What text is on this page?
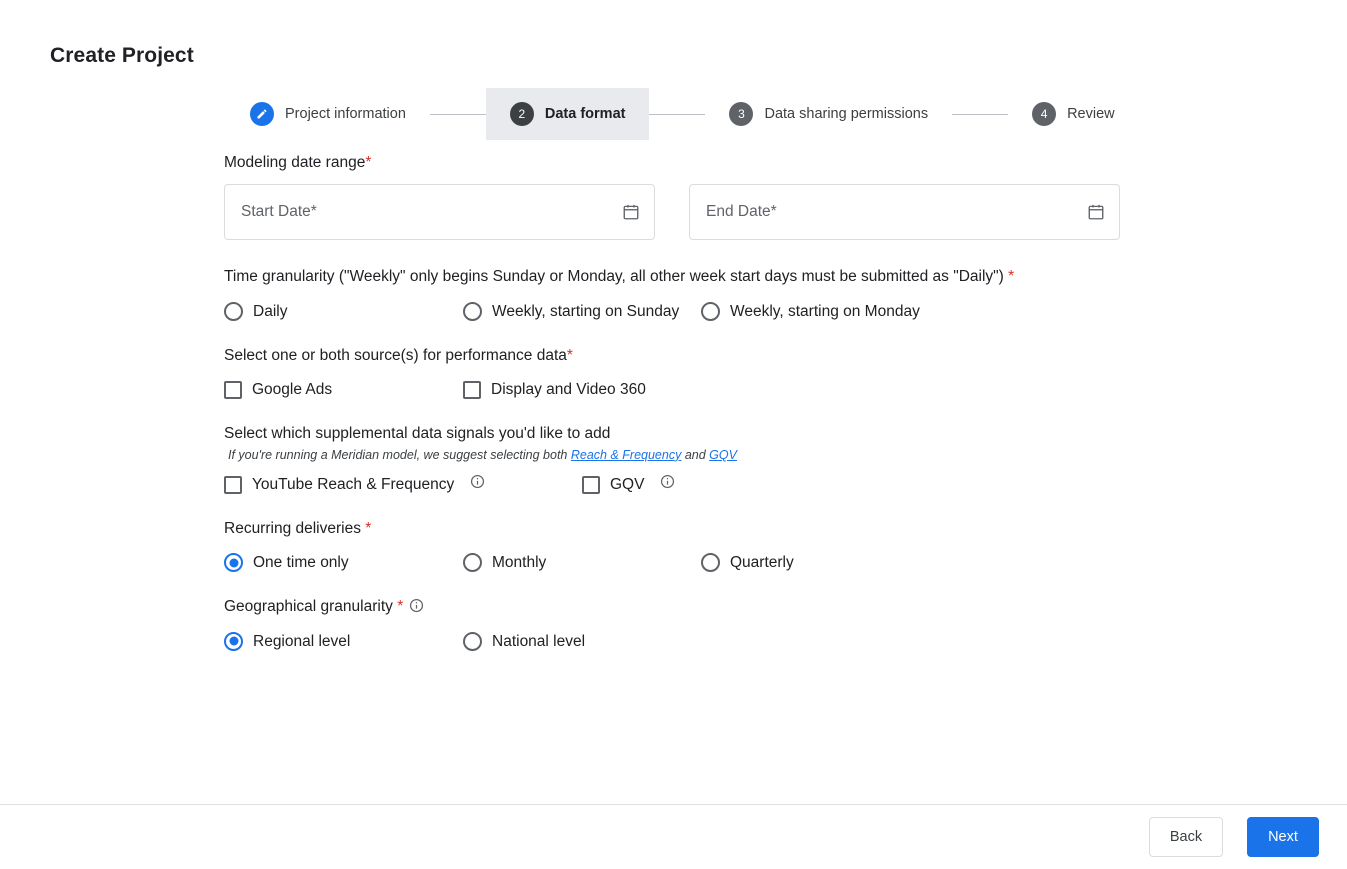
Create Project
Project information	2	Data format	3	Data sharing permissions	4	Review
Modeling date range*
Start Date*	End Date*
Time granularity ("Weekly" only begins Sunday or Monday, all other week start days must be submitted as "Daily") *
Daily	Weekly, starting on Sunday	Weekly, starting on Monday
Select one or both source(s) for performance data*
Google Ads	Display and Video 360
Select which supplemental data signals you'd like to add
If you're running a Meridian model, we suggest selecting both Reach & Frequency and GQV
YouTube Reach & Frequency	GQV
Recurring deliveries *
One time only	Monthly	Quarterly
Geographical granularity *
Regional level	National level
Back	Next
